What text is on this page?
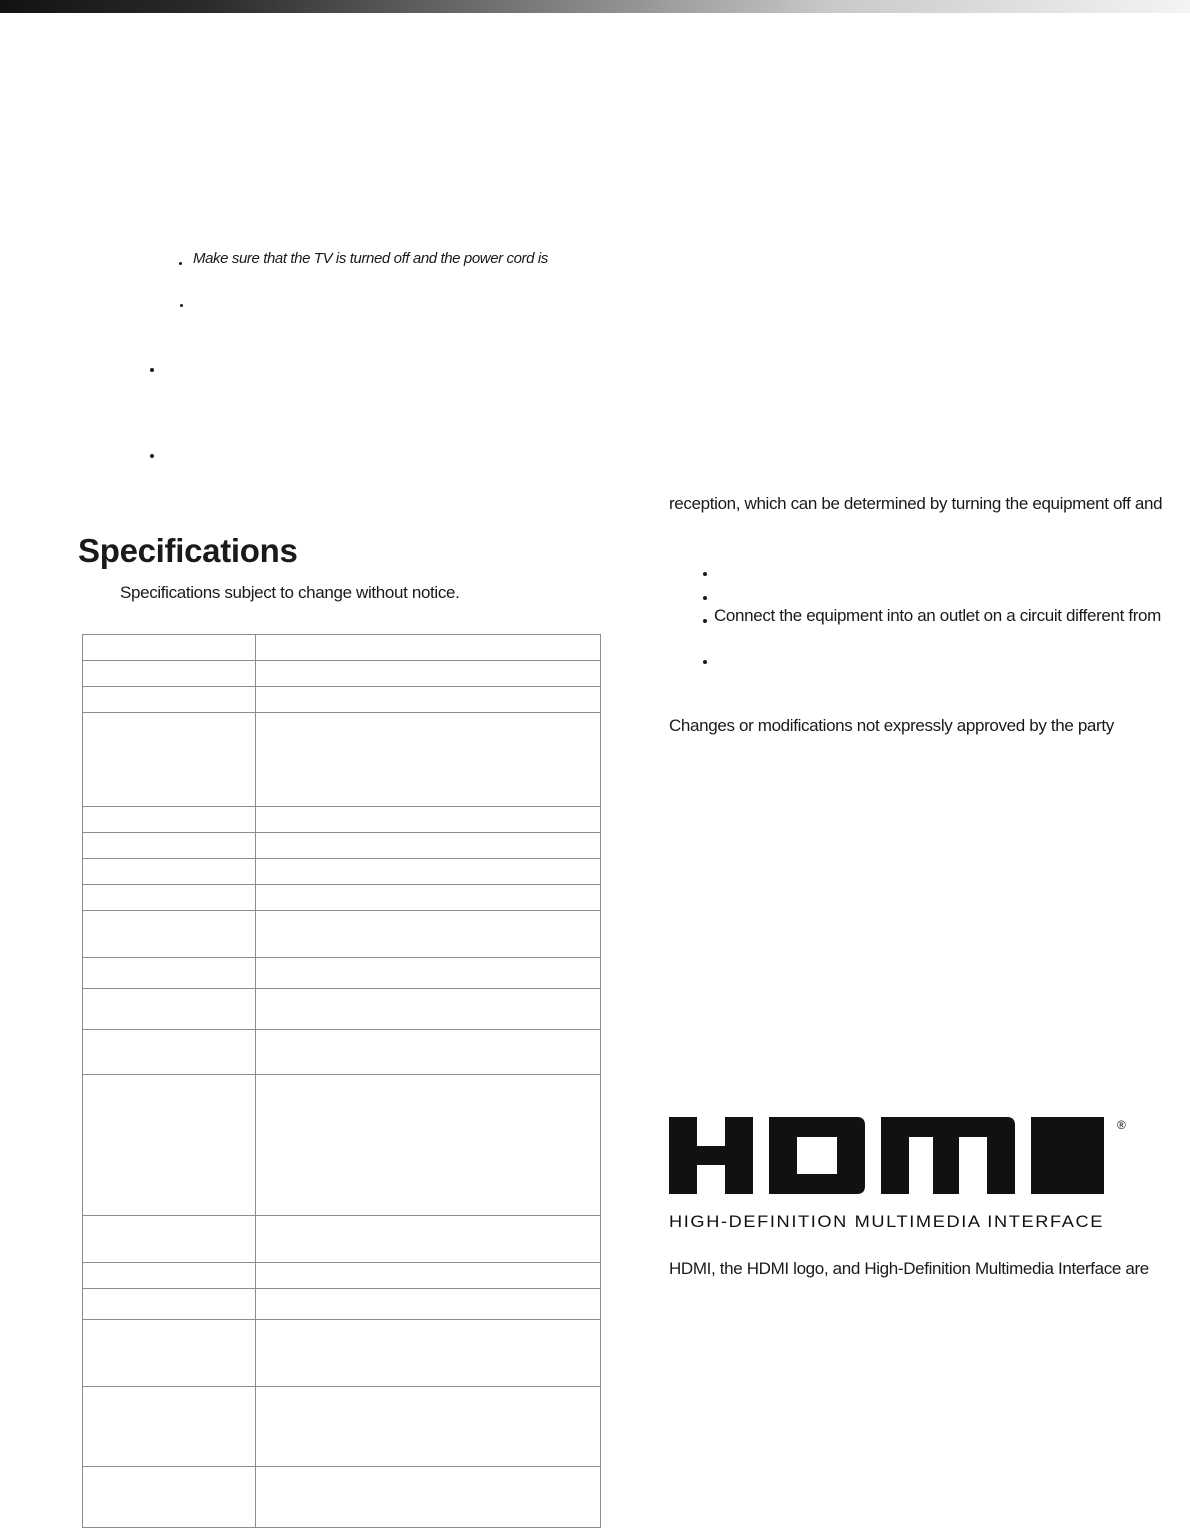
Make sure that the TV is turned off and the power cord is
Specifications
Specifications subject to change without notice.

reception, which can be determined by turning the equipment off and
Connect the equipment into an outlet on a circuit different from
Changes or modifications not expressly approved by the party
®
HIGH-DEFINITION MULTIMEDIA INTERFACE
HDMI, the HDMI logo, and High-Definition Multimedia Interface are
